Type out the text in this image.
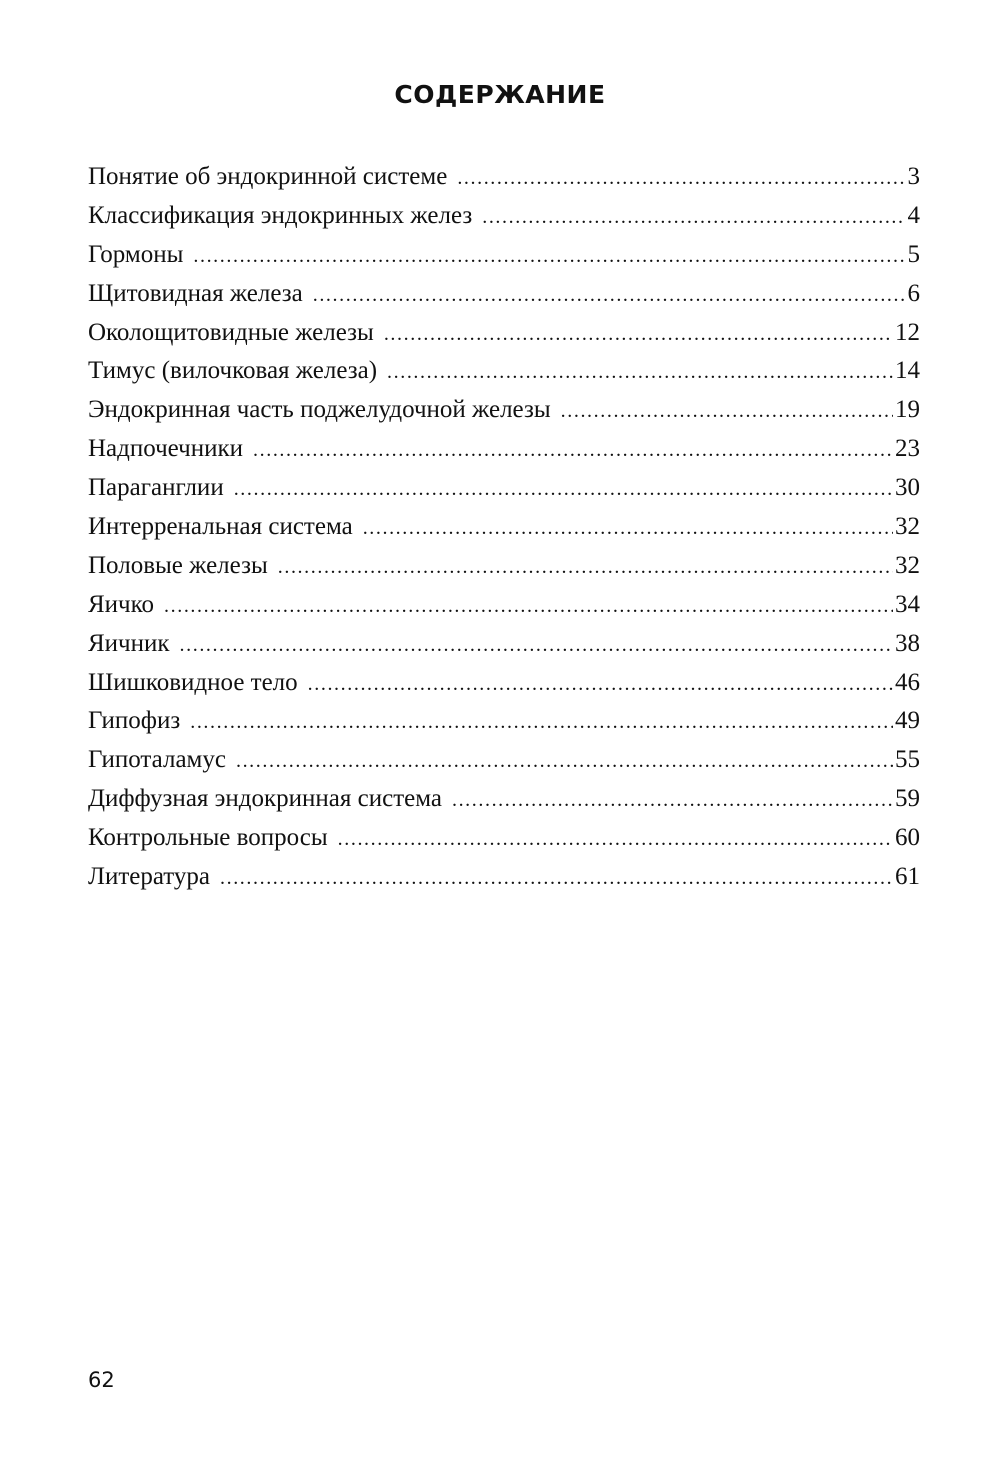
СОДЕРЖАНИЕ
Понятие об эндокринной системе .....	3
Классификация эндокринных желез .....	4
Гормоны .....	5
Щитовидная железа .....	6
Околощитовидные железы .....	12
Тимус (вилочковая железа) .....	14
Эндокринная часть поджелудочной железы .....	19
Надпочечники .....	23
Параганглии .....	30
Интерренальная система .....	32
Половые железы .....	32
Яичко .....	34
Яичник .....	38
Шишковидное тело .....	46
Гипофиз .....	49
Гипоталамус .....	55
Диффузная эндокринная система .....	59
Контрольные вопросы .....	60
Литература .....	61
62
